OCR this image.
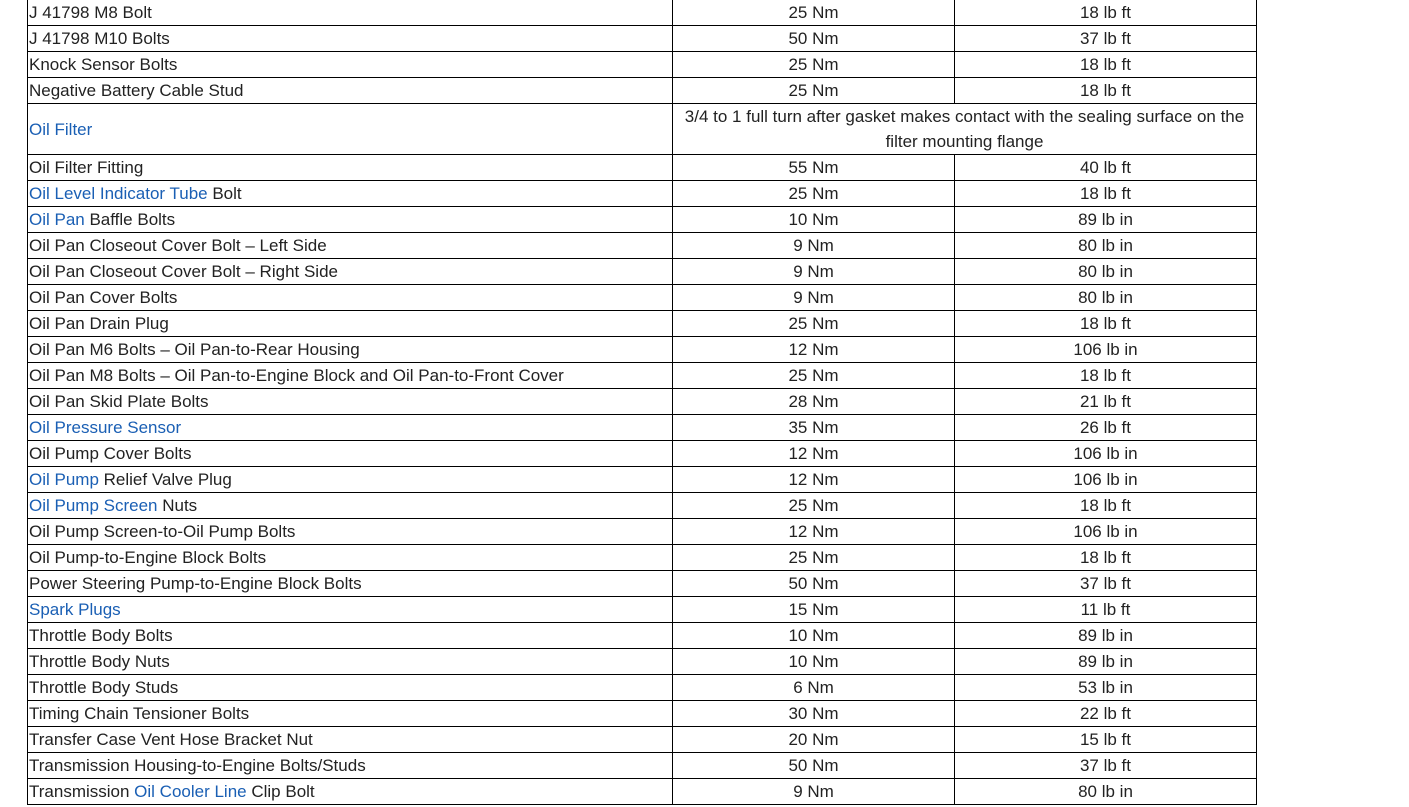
J 41798 M8 Bolt	25 Nm	18 lb ft
J 41798 M10 Bolts	50 Nm	37 lb ft
Knock Sensor Bolts	25 Nm	18 lb ft
Negative Battery Cable Stud	25 Nm	18 lb ft
Oil Filter	3/4 to 1 full turn after gasket makes contact with the sealing surface on the filter mounting flange	
Oil Filter Fitting	55 Nm	40 lb ft
Oil Level Indicator Tube Bolt	25 Nm	18 lb ft
Oil Pan Baffle Bolts	10 Nm	89 lb in
Oil Pan Closeout Cover Bolt – Left Side	9 Nm	80 lb in
Oil Pan Closeout Cover Bolt – Right Side	9 Nm	80 lb in
Oil Pan Cover Bolts	9 Nm	80 lb in
Oil Pan Drain Plug	25 Nm	18 lb ft
Oil Pan M6 Bolts – Oil Pan-to-Rear Housing	12 Nm	106 lb in
Oil Pan M8 Bolts – Oil Pan-to-Engine Block and Oil Pan-to-Front Cover	25 Nm	18 lb ft
Oil Pan Skid Plate Bolts	28 Nm	21 lb ft
Oil Pressure Sensor	35 Nm	26 lb ft
Oil Pump Cover Bolts	12 Nm	106 lb in
Oil Pump Relief Valve Plug	12 Nm	106 lb in
Oil Pump Screen Nuts	25 Nm	18 lb ft
Oil Pump Screen-to-Oil Pump Bolts	12 Nm	106 lb in
Oil Pump-to-Engine Block Bolts	25 Nm	18 lb ft
Power Steering Pump-to-Engine Block Bolts	50 Nm	37 lb ft
Spark Plugs	15 Nm	11 lb ft
Throttle Body Bolts	10 Nm	89 lb in
Throttle Body Nuts	10 Nm	89 lb in
Throttle Body Studs	6 Nm	53 lb in
Timing Chain Tensioner Bolts	30 Nm	22 lb ft
Transfer Case Vent Hose Bracket Nut	20 Nm	15 lb ft
Transmission Housing-to-Engine Bolts/Studs	50 Nm	37 lb ft
Transmission Oil Cooler Line Clip Bolt	9 Nm	80 lb in
